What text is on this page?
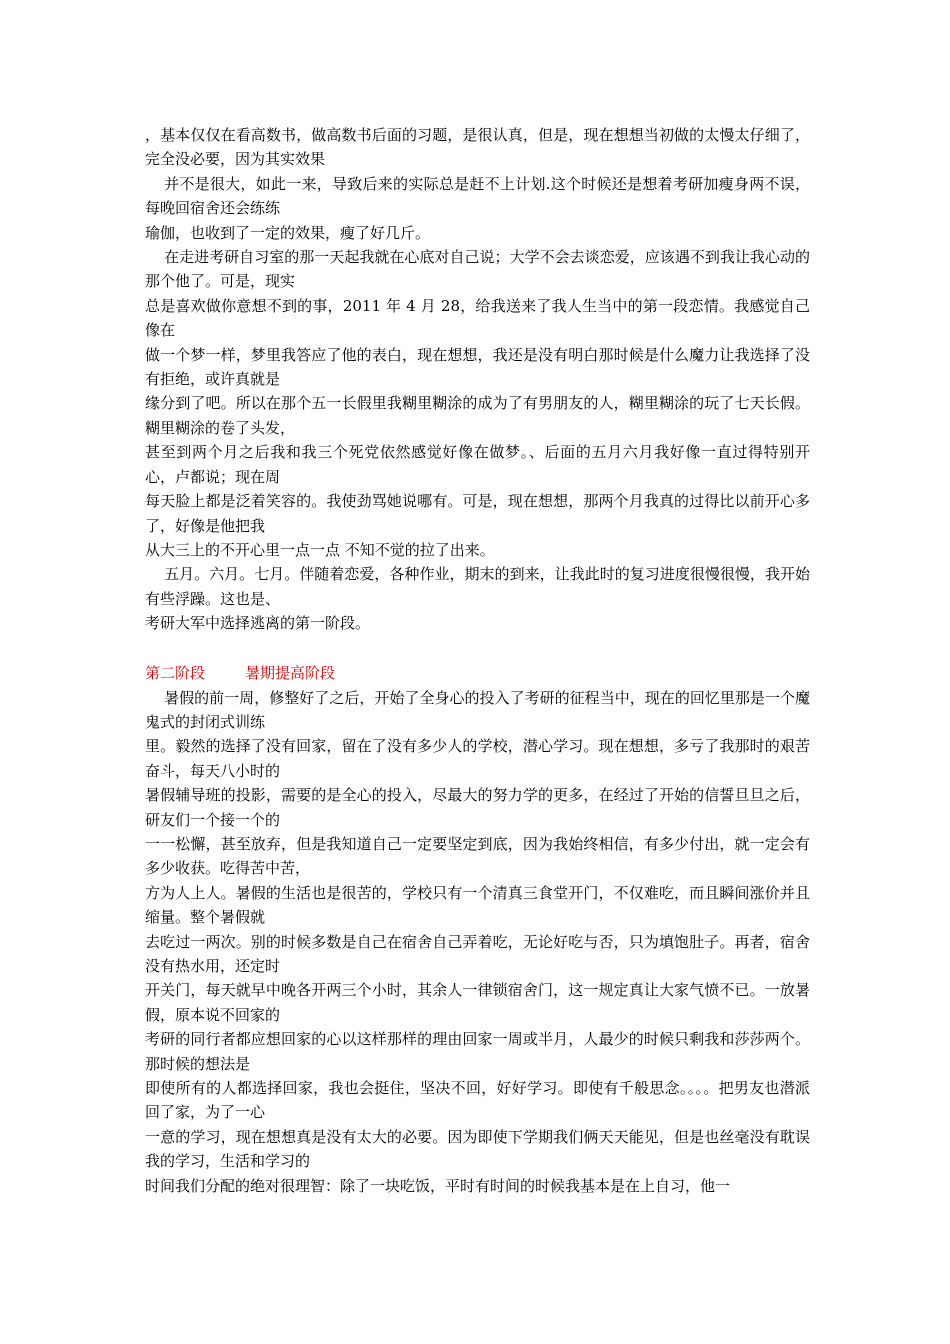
，基本仅仅在看高数书，做高数书后面的习题，是很认真，但是，现在想想当初做的太慢太仔细了，完全没必要，因为其实效果

并不是很大，如此一来，导致后来的实际总是赶不上计划.这个时候还是想着考研加瘦身两不误，每晚回宿舍还会练练

瑜伽，也收到了一定的效果，瘦了好几斤。

在走进考研自习室的那一天起我就在心底对自己说；大学不会去谈恋爱，应该遇不到我让我心动的那个他了。可是，现实

总是喜欢做你意想不到的事，2011 年 4 月 28，给我送来了我人生当中的第一段恋情。我感觉自己像在

做一个梦一样，梦里我答应了他的表白，现在想想，我还是没有明白那时候是什么魔力让我选择了没有拒绝，或许真就是

缘分到了吧。所以在那个五一长假里我糊里糊涂的成为了有男朋友的人，糊里糊涂的玩了七天长假。糊里糊涂的卷了头发，

甚至到两个月之后我和我三个死党依然感觉好像在做梦。、后面的五月六月我好像一直过得特别开心，卢都说；现在周

每天脸上都是泛着笑容的。我使劲骂她说哪有。可是，现在想想，那两个月我真的过得比以前开心多了，好像是他把我

从大三上的不开心里一点一点 不知不觉的拉了出来。

五月。六月。七月。伴随着恋爱，各种作业，期末的到来，让我此时的复习进度很慢很慢，我开始有些浮躁。这也是、

考研大军中选择逃离的第一阶段。

第二阶段	暑期提高阶段

暑假的前一周，修整好了之后，开始了全身心的投入了考研的征程当中，现在的回忆里那是一个魔鬼式的封闭式训练

里。毅然的选择了没有回家，留在了没有多少人的学校，潜心学习。现在想想，多亏了我那时的艰苦奋斗，每天八小时的

暑假辅导班的投影，需要的是全心的投入，尽最大的努力学的更多，在经过了开始的信誓旦旦之后，研友们一个接一个的

一一松懈，甚至放弃，但是我知道自己一定要坚定到底，因为我始终相信，有多少付出，就一定会有多少收获。吃得苦中苦，

方为人上人。暑假的生活也是很苦的，学校只有一个清真三食堂开门，不仅难吃，而且瞬间涨价并且缩量。整个暑假就

去吃过一两次。别的时候多数是自己在宿舍自己弄着吃，无论好吃与否，只为填饱肚子。再者，宿舍没有热水用，还定时

开关门，每天就早中晚各开两三个小时，其余人一律锁宿舍门，这一规定真让大家气愤不已。一放暑假，原本说不回家的

考研的同行者都应想回家的心以这样那样的理由回家一周或半月，人最少的时候只剩我和莎莎两个。那时候的想法是

即使所有的人都选择回家，我也会挺住，坚决不回，好好学习。即使有千般思念。。。。把男友也潜派回了家，为了一心

一意的学习，现在想想真是没有太大的必要。因为即使下学期我们俩天天能见，但是也丝毫没有耽误我的学习，生活和学习的

时间我们分配的绝对很理智：除了一块吃饭，平时有时间的时候我基本是在上自习，他一
